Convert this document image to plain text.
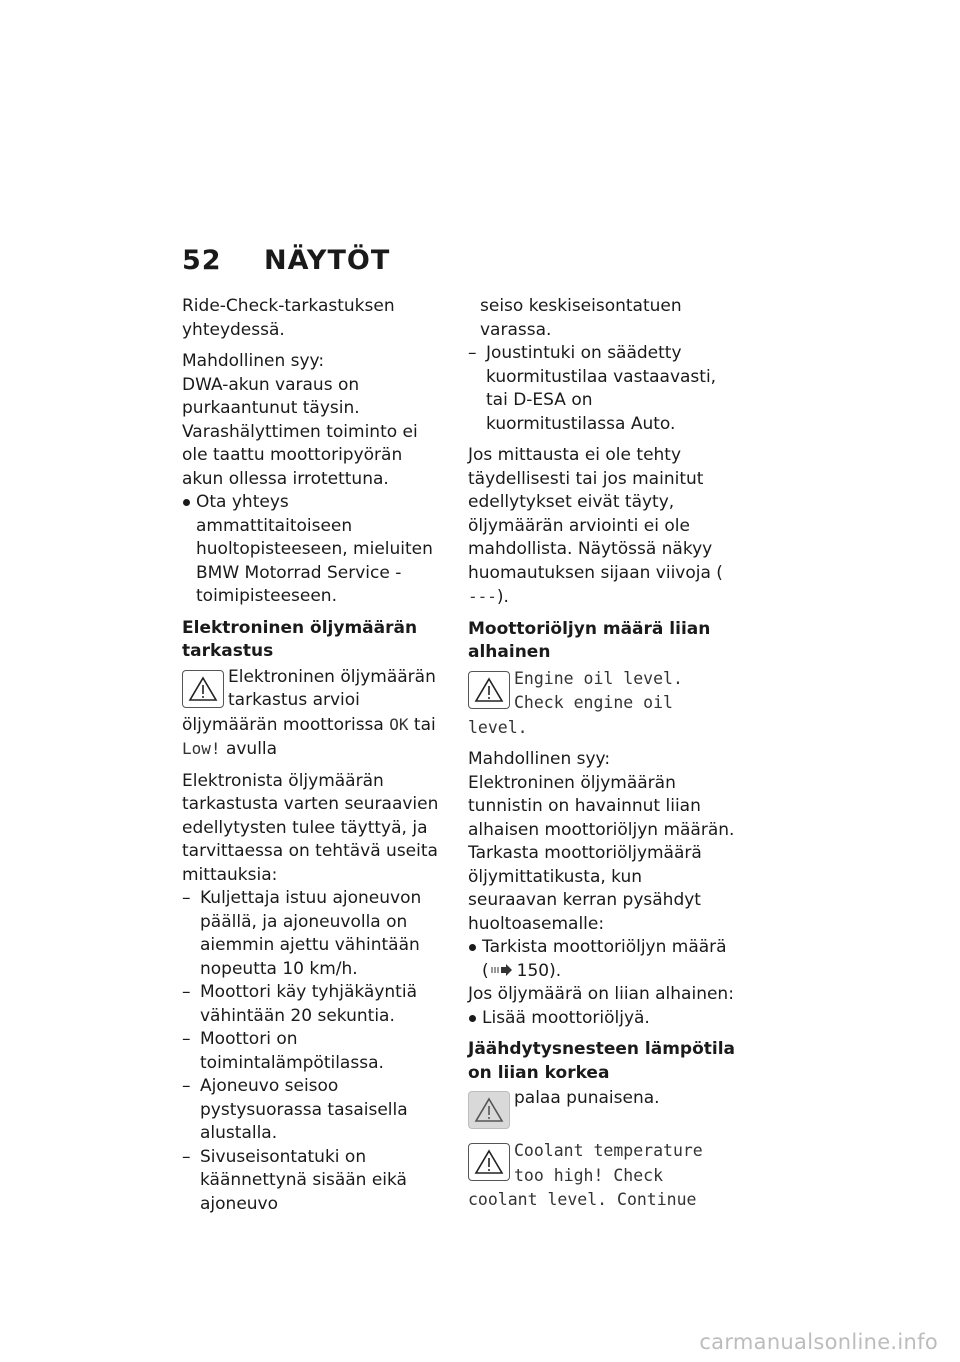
52	NÄYTÖT

Ride-Check-tarkastuksen yhteydessä.

Mahdollinen syy:

DWA-akun varaus on purkaantunut täysin. Varashälyttimen toiminto ei ole taattu moottoripyörän akun ollessa irrotettuna.

Ota yhteys ammattitaitoiseen huoltopisteeseen, mieluiten BMW Motorrad Service -toimipisteeseen.

Elektroninen öljymäärän tarkastus
Elektroninen öljymäärän tarkastus arvioi öljymäärän moottorissa OK tai Low! avulla

Elektronista öljymäärän tarkastusta varten seuraavien edellytysten tulee täyttyä, ja tarvittaessa on tehtävä useita mittauksia:

– Kuljettaja istuu ajoneuvon päällä, ja ajoneuvolla on aiemmin ajettu vähintään nopeutta 10 km/h.
– Moottori käy tyhjäkäyntiä vähintään 20 sekuntia.
– Moottori on toimintalämpötilassa.
– Ajoneuvo seisoo pystysuorassa tasaisella alustalla.
– Sivuseisontatuki on käännettynä sisään eikä ajoneuvo

seiso keskiseisontatuen varassa.

– Joustintuki on säädetty kuormitustilaa vastaavasti, tai D-ESA on kuormitustilassa Auto.

Jos mittausta ei ole tehty täydellisesti tai jos mainitut edellytykset eivät täyty, öljymäärän arviointi ei ole mahdollista. Näytössä näkyy huomautuksen sijaan viivoja ( ---).

Moottoriöljyn määrä liian alhainen
Engine oil level. Check engine oil level.

Mahdollinen syy:

Elektroninen öljymäärän tunnistin on havainnut liian alhaisen moottoriöljyn määrän. Tarkasta moottoriöljymäärä öljymittatikusta, kun seuraavan kerran pysähdyt huoltoasemalle:

Tarkista moottoriöljyn määrä ( 150).

Jos öljymäärä on liian alhainen:

Lisää moottoriöljyä.

Jäähdytysnesteen lämpötila on liian korkea
palaa punaisena.
Coolant temperature too high! Check coolant level. Continue
carmanualsonline.info
